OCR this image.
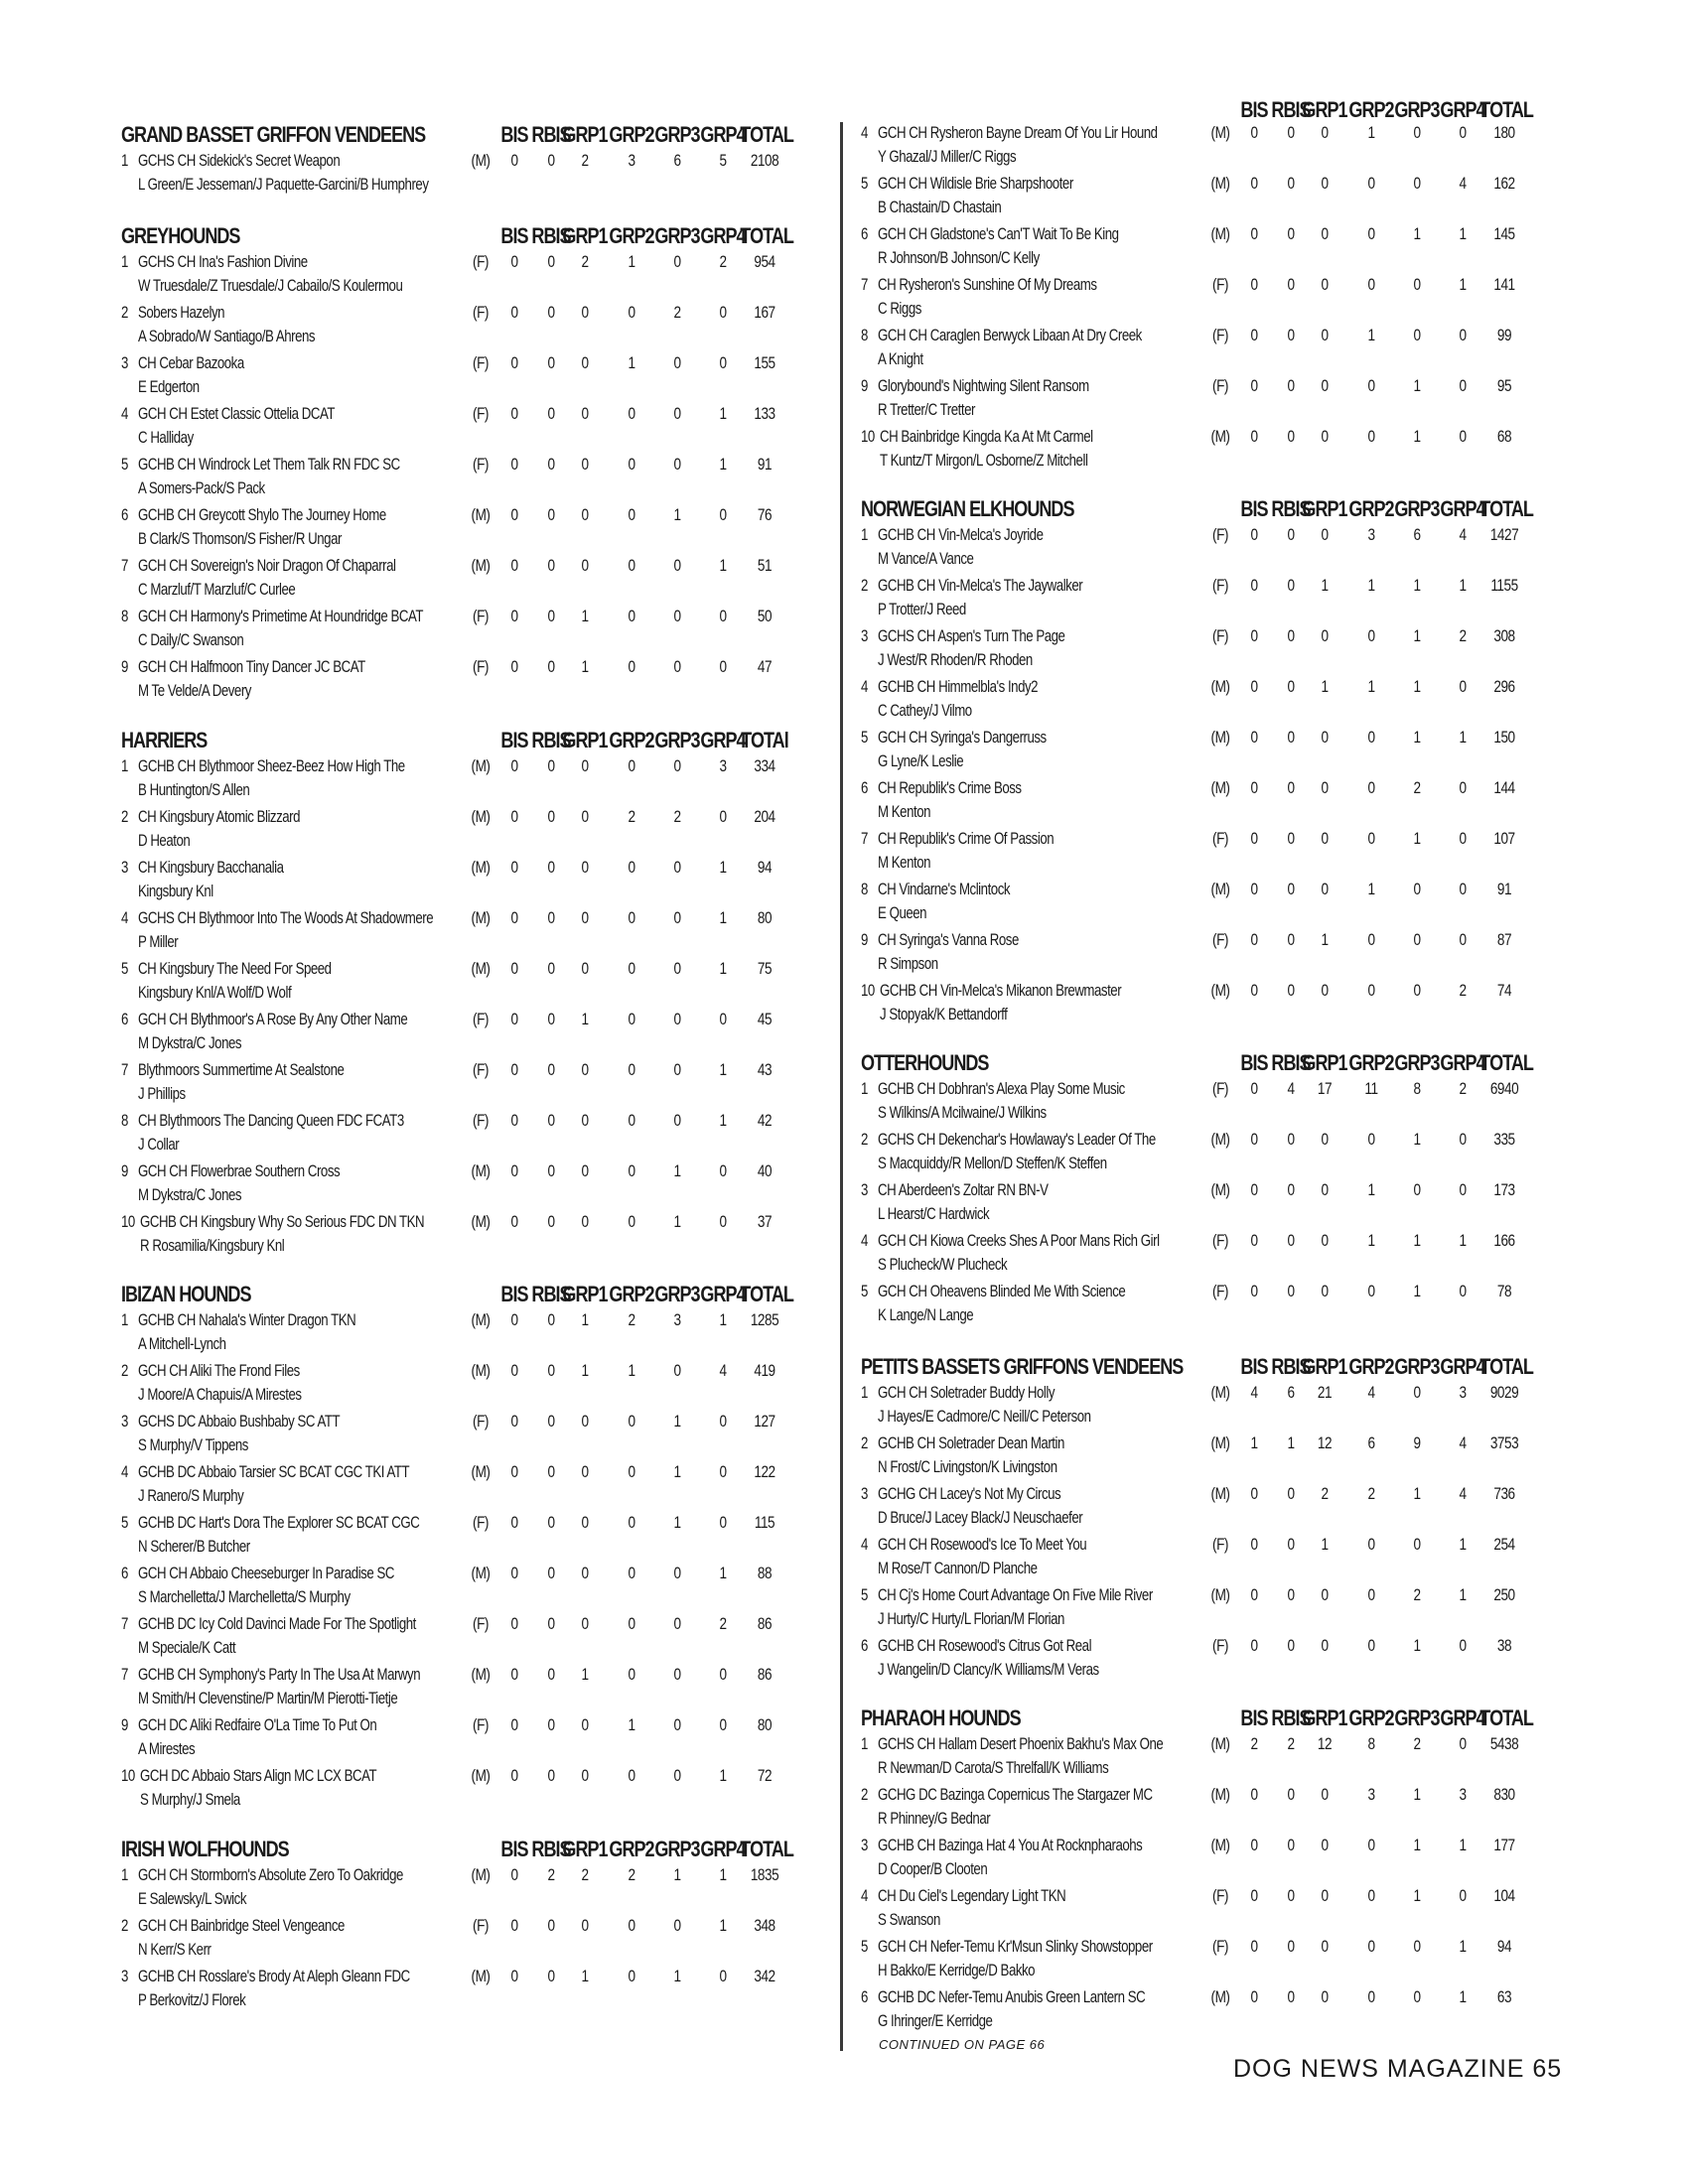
GRAND BASSET GRIFFON VENDEENS	BIS RBIS
GRP1 GRP2 GRP3 GRP4
TOTAL
1 GCHS CH Sidekick's Secret Weapon
L Green/E Jesseman/J Paquette-Garcini/B Humphrey
(M)	0	0	2	3	6	5	2108
GREYHOUNDS	BIS RBIS
GRP1 GRP2 GRP3 GRP4
TOTAL
1 GCHS CH Ina's Fashion Divine
W Truesdale/Z Truesdale/J Cabailo/S Koulermou
(F)	0	0	2	1	0	2	954
2 Sobers Hazelyn
A Sobrado/W Santiago/B Ahrens
(F)	0	0	0	0	2	0	167
3 CH Cebar Bazooka
E Edgerton
(F)	0	0	0	1	0	0	155
4 GCH CH Estet Classic Ottelia DCAT
C Halliday
(F)	0	0	0	0	0	1	133
5 GCHB CH Windrock Let Them Talk RN FDC SC
A Somers-Pack/S Pack
(F)	0	0	0	0	0	1	91
6 GCHB CH Greycott Shylo The Journey Home
B Clark/S Thomson/S Fisher/R Ungar
(M)	0	0	0	0	1	0	76
7 GCH CH Sovereign's Noir Dragon Of Chaparral
C Marzluf/T Marzluf/C Curlee
(M)	0	0	0	0	0	1	51
8 GCH CH Harmony's Primetime At Houndridge BCAT
C Daily/C Swanson
(F)	0	0	1	0	0	0	50
9 GCH CH Halfmoon Tiny Dancer JC BCAT
M Te Velde/A Devery
(F)	0	0	1	0	0	0	47
HARRIERS	BIS RBIS
GRP1 GRP2 GRP3 GRP4
TOTAl
1 GCHB CH Blythmoor Sheez-Beez How High The
B Huntington/S Allen
(M)	0	0	0	0	0	3	334
2 CH Kingsbury Atomic Blizzard
D Heaton
(M)	0	0	0	2	2	0	204
3 CH Kingsbury Bacchanalia
Kingsbury Knl
(M)	0	0	0	0	0	1	94
4 GCHS CH Blythmoor Into The Woods At Shadowmere
P Miller
(M)	0	0	0	0	0	1	80
5 CH Kingsbury The Need For Speed
Kingsbury Knl/A Wolf/D Wolf
(M)	0	0	0	0	0	1	75
6 GCH CH Blythmoor's A Rose By Any Other Name
M Dykstra/C Jones
(F)	0	0	1	0	0	0	45
7 Blythmoors Summertime At Sealstone
J Phillips
(F)	0	0	0	0	0	1	43
8 CH Blythmoors The Dancing Queen FDC FCAT3
J Collar
(F)	0	0	0	0	0	1	42
9 GCH CH Flowerbrae Southern Cross
M Dykstra/C Jones
(M)	0	0	0	0	1	0	40
10 GCHB CH Kingsbury Why So Serious FDC DN TKN
R Rosamilia/Kingsbury Knl
(M)	0	0	0	0	1	0	37
IBIZAN HOUNDS	BIS RBIS
GRP1 GRP2 GRP3 GRP4
TOTAL
1 GCHB CH Nahala's Winter Dragon TKN
A Mitchell-Lynch
(M)	0	0	1	2	3	1	1285
2 GCH CH Aliki The Frond Files
J Moore/A Chapuis/A Mirestes
(M)	0	0	1	1	0	4	419
3 GCHS DC Abbaio Bushbaby SC ATT
S Murphy/V Tippens
(F)	0	0	0	0	1	0	127
4 GCHB DC Abbaio Tarsier SC BCAT CGC TKI ATT
J Ranero/S Murphy
(M)	0	0	0	0	1	0	122
5 GCHB DC Hart's Dora The Explorer SC BCAT CGC
N Scherer/B Butcher
(F)	0	0	0	0	1	0	115
6 GCH CH Abbaio Cheeseburger In Paradise SC
S Marchelletta/J Marchelletta/S Murphy
(M)	0	0	0	0	0	1	88
7 GCHB DC Icy Cold Davinci Made For The Spotlight
M Speciale/K Catt
(F)	0	0	0	0	0	2	86
7 GCHB CH Symphony's Party In The Usa At Marwyn
M Smith/H Clevenstine/P Martin/M Pierotti-Tietje
(M)	0	0	1	0	0	0	86
9 GCH DC Aliki Redfaire O'La Time To Put On
A Mirestes
(F)	0	0	0	1	0	0	80
10 GCH DC Abbaio Stars Align MC LCX BCAT
S Murphy/J Smela
(M)	0	0	0	0	0	1	72
IRISH WOLFHOUNDS	BIS RBIS
GRP1 GRP2 GRP3 GRP4
TOTAL
1 GCH CH Stormborn's Absolute Zero To Oakridge
E Salewsky/L Swick
(M)	0	2	2	2	1	1	1835
2 GCH CH Bainbridge Steel Vengeance
N Kerr/S Kerr
(F)	0	0	0	0	0	1	348
3 GCHB CH Rosslare's Brody At Aleph Gleann FDC
P Berkovitz/J Florek
(M)	0	0	1	0	1	0	342
BIS RBIS
GRP1 GRP2 GRP3 GRP4
TOTAL
4 GCH CH Rysheron Bayne Dream Of You Lir Hound
Y Ghazal/J Miller/C Riggs
(M)	0	0	0	1	0	0	180
5 GCH CH Wildisle Brie Sharpshooter
B Chastain/D Chastain
(M)	0	0	0	0	0	4	162
6 GCH CH Gladstone's Can'T Wait To Be King
R Johnson/B Johnson/C Kelly
(M)	0	0	0	0	1	1	145
7 CH Rysheron's Sunshine Of My Dreams
C Riggs
(F)	0	0	0	0	0	1	141
8 GCH CH Caraglen Berwyck Libaan At Dry Creek
A Knight
(F)	0	0	0	1	0	0	99
9 Glorybound's Nightwing Silent Ransom
R Tretter/C Tretter
(F)	0	0	0	0	1	0	95
10 CH Bainbridge Kingda Ka At Mt Carmel
T Kuntz/T Mirgon/L Osborne/Z Mitchell
(M)	0	0	0	0	1	0	68
NORWEGIAN ELKHOUNDS	BIS RBIS
GRP1 GRP2 GRP3 GRP4
TOTAL
1 GCHB CH Vin-Melca's Joyride
M Vance/A Vance
(F)	0	0	0	3	6	4	1427
2 GCHB CH Vin-Melca's The Jaywalker
P Trotter/J Reed
(F)	0	0	1	1	1	1	1155
3 GCHS CH Aspen's Turn The Page
J West/R Rhoden/R Rhoden
(F)	0	0	0	0	1	2	308
4 GCHB CH Himmelbla's Indy2
C Cathey/J Vilmo
(M)	0	0	1	1	1	0	296
5 GCH CH Syringa's Dangerruss
G Lyne/K Leslie
(M)	0	0	0	0	1	1	150
6 CH Republik's Crime Boss
M Kenton
(M)	0	0	0	0	2	0	144
7 CH Republik's Crime Of Passion
M Kenton
(F)	0	0	0	0	1	0	107
8 CH Vindarne's Mclintock
E Queen
(M)	0	0	0	1	0	0	91
9 CH Syringa's Vanna Rose
R Simpson
(F)	0	0	1	0	0	0	87
10 GCHB CH Vin-Melca's Mikanon Brewmaster
J Stopyak/K Bettandorff
(M)	0	0	0	0	0	2	74
OTTERHOUNDS	BIS RBIS
GRP1 GRP2 GRP3 GRP4
TOTAL
1 GCHB CH Dobhran's Alexa Play Some Music
S Wilkins/A Mcilwaine/J Wilkins
(F)	0	4	17	11	8	2	6940
2 GCHS CH Dekenchar's Howlaway's Leader Of The
S Macquiddy/R Mellon/D Steffen/K Steffen
(M)	0	0	0	0	1	0	335
3 CH Aberdeen's Zoltar RN BN-V
L Hearst/C Hardwick
(M)	0	0	0	1	0	0	173
4 GCH CH Kiowa Creeks Shes A Poor Mans Rich Girl
S Plucheck/W Plucheck
(F)	0	0	0	1	1	1	166
5 GCH CH Oheavens Blinded Me With Science
K Lange/N Lange
(F)	0	0	0	0	1	0	78
PETITS BASSETS GRIFFONS VENDEENS	BIS RBIS
GRP1 GRP2 GRP3 GRP4
TOTAL
1 GCH CH Soletrader Buddy Holly
J Hayes/E Cadmore/C Neill/C Peterson
(M)	4	6	21	4	0	3	9029
2 GCHB CH Soletrader Dean Martin
N Frost/C Livingston/K Livingston
(M)	1	1	12	6	9	4	3753
3 GCHG CH Lacey's Not My Circus
D Bruce/J Lacey Black/J Neuschaefer
(M)	0	0	2	2	1	4	736
4 GCH CH Rosewood's Ice To Meet You
M Rose/T Cannon/D Planche
(F)	0	0	1	0	0	1	254
5 CH Cj's Home Court Advantage On Five Mile River
J Hurty/C Hurty/L Florian/M Florian
(M)	0	0	0	0	2	1	250
6 GCHB CH Rosewood's Citrus Got Real
J Wangelin/D Clancy/K Williams/M Veras
(F)	0	0	0	0	1	0	38
PHARAOH HOUNDS	BIS RBIS
GRP1 GRP2 GRP3 GRP4
TOTAL
1 GCHS CH Hallam Desert Phoenix Bakhu's Max One
R Newman/D Carota/S Threlfall/K Williams
(M)	2	2	12	8	2	0	5438
2 GCHG DC Bazinga Copernicus The Stargazer MC
R Phinney/G Bednar
(M)	0	0	0	3	1	3	830
3 GCHB CH Bazinga Hat 4 You At Rocknpharaohs
D Cooper/B Clooten
(M)	0	0	0	0	1	1	177
4 CH Du Ciel's Legendary Light TKN
S Swanson
(F)	0	0	0	0	1	0	104
5 GCH CH Nefer-Temu Kr'Msun Slinky Showstopper
H Bakko/E Kerridge/D Bakko
(F)	0	0	0	0	0	1	94
6 GCHB DC Nefer-Temu Anubis Green Lantern SC
G Ihringer/E Kerridge
(M)	0	0	0	0	0	1	63
CONTINUED ON PAGE 66
DOG NEWS MAGAZINE 65
